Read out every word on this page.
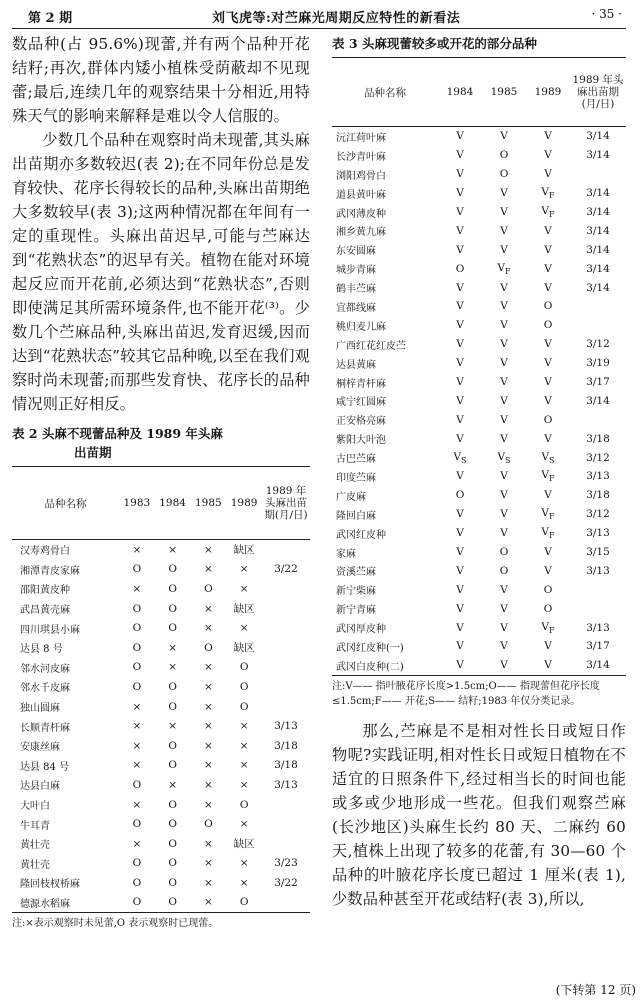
第 2 期	刘飞虎等:对苎麻光周期反应特性的新看法	· 35 ·

数品种(占 95.6%)现蕾,并有两个品种开花结籽;再次,群体内矮小植株受荫蔽却不见现蕾;最后,连续几年的观察结果十分相近,用特殊天气的影响来解释是难以令人信服的。

少数几个品种在观察时尚未现蕾,其头麻出苗期亦多数较迟(表 2);在不同年份总是发育较快、花序长得较长的品种,头麻出苗期绝大多数较早(表 3);这两种情况都在年间有一定的重现性。头麻出苗迟早,可能与苎麻达到“花熟状态”的迟早有关。植物在能对环境起反应而开花前,必须达到“花熟状态”,否则即使满足其所需环境条件,也不能开花⁽³⁾。少数几个苎麻品种,头麻出苗迟,发育迟缓,因而达到“花熟状态”较其它品种晚,以至在我们观察时尚未现蕾;而那些发育快、花序长的品种情况则正好相反。

表 2 头麻不现蕾品种及 1989 年头麻
出苗期
品种名称	1983	1984	1985	1989	1989 年头麻出苗期(月/日)
汉寿鸡骨白	×	×	×	缺区	
湘潭青皮家麻	O	O	×	×	3/22
邵阳黄皮种	×	O	O	×	
武昌黄壳麻	O	O	×	缺区	
四川琪县小麻	O	O	×	×	
达县 8 号	O	×	O	缺区	
邻水河皮麻	O	×	×	O	
邻水千皮麻	O	O	×	O	
独山圆麻	×	O	×	O	
长顺青杆麻	×	×	×	×	3/13
安康丝麻	×	O	×	×	3/18
达县 84 号	×	O	×	×	3/18
达县白麻	O	×	×	×	3/13
大叶白	×	O	×	O	
牛耳青	O	O	O	×	
黄壮壳	×	O	×	缺区	
黄壮壳	O	O	×	×	3/23
隆回枝杈桥麻	O	O	×	×	3/22
德源水稻麻	O	O	×	O	
注:×表示观察时未见蕾,O 表示观察时已现蕾。
表 3 头麻现蕾较多或开花的部分品种
品种名称	1984	1985	1989	1989 年头麻出苗期(月/日)
沅江荷叶麻	V	V	V	3/14
长沙青叶麻	V	O	V	3/14
浏阳鸡骨白	V	O	V	
道县黄叶麻	V	V	$V_F$	3/14
武冈薄皮种	V	V	$V_F$	3/14
湘乡黄九麻	V	V	V	3/14
东安圆麻	V	V	V	3/14
城步青麻	O	$V_F$	V	3/14
鹤丰苎麻	V	V	V	3/14
宜都线麻	V	V	O	
桃归麦儿麻	V	V	O	
广西红花红皮苎	V	V	V	3/12
达县黄麻	V	V	V	3/19
桐梓青杆麻	V	V	V	3/17
咸宁红圆麻	V	V	V	3/14
正安格亮麻	V	V	O	
紫阳大叶泡	V	V	V	3/18
古巴苎麻	$V_S$	$V_S$	$V_S$	3/12
印度苎麻	V	V	$V_F$	3/13
广皮麻	O	V	V	3/18
隆回白麻	V	V	$V_F$	3/12
武冈红皮种	V	V	$V_F$	3/13
家麻	V	O	V	3/15
资溪苎麻	V	O	V	3/13
新宁柴麻	V	V	O	
新宁青麻	V	V	O	
武冈厚皮种	V	V	$V_F$	3/13
武冈红皮种(一)	V	V	V	3/17
武冈白皮种(二)	V	V	V	3/14
注:V—— 指叶腋花序长度>1.5cm;O—— 指现蕾但花序长度≤1.5cm;F—— 开花;S—— 结籽;1983 年仅分类记录。

那么,苎麻是不是相对性长日或短日作物呢?实践证明,相对性长日或短日植物在不适宜的日照条件下,经过相当长的时间也能或多或少地形成一些花。但我们观察苎麻(长沙地区)头麻生长约 80 天、二麻约 60 天,植株上出现了较多的花蕾,有 30—60 个品种的叶腋花序长度已超过 1 厘米(表 1),少数品种甚至开花或结籽(表 3),所以,

(下转第 12 页)
